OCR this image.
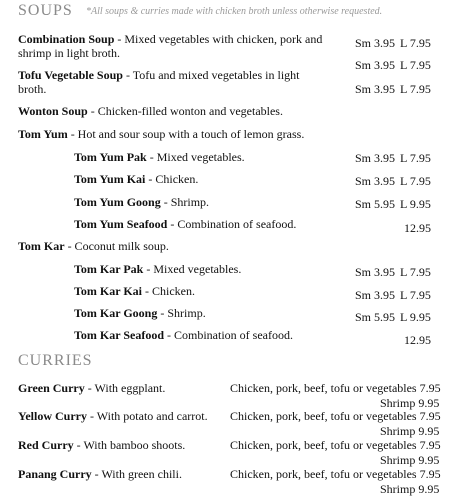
SOUPS *All soups & curries made with chicken broth unless otherwise requested.
Combination Soup - Mixed vegetables with chicken, pork and shrimp in light broth.
Sm 3.95 L 7.95
Tofu Vegetable Soup - Tofu and mixed vegetables in light broth.
Sm 3.95 L 7.95
Wonton Soup - Chicken-filled wonton and vegetables.
Sm 3.95 L 7.95
Tom Yum - Hot and sour soup with a touch of lemon grass.
Tom Yum Pak - Mixed vegetables.	Sm 3.95 L 7.95
Tom Yum Kai - Chicken.	Sm 3.95 L 7.95
Tom Yum Goong - Shrimp.	Sm 5.95 L 9.95
Tom Yum Seafood - Combination of seafood.	12.95
Tom Kar - Coconut milk soup.
Tom Kar Pak - Mixed vegetables.	Sm 3.95 L 7.95
Tom Kar Kai - Chicken.	Sm 3.95 L 7.95
Tom Kar Goong - Shrimp.	Sm 5.95 L 9.95
Tom Kar Seafood - Combination of seafood.	12.95
CURRIES
Green Curry - With eggplant.	Chicken, pork, beef, tofu or vegetables 7.95
Shrimp 9.95
Yellow Curry - With potato and carrot. Chicken, pork, beef, tofu or vegetables 7.95
Shrimp 9.95
Red Curry - With bamboo shoots.	Chicken, pork, beef, tofu or vegetables 7.95
Shrimp 9.95
Panang Curry - With green chili.	Chicken, pork, beef, tofu or vegetables 7.95
Shrimp 9.95
